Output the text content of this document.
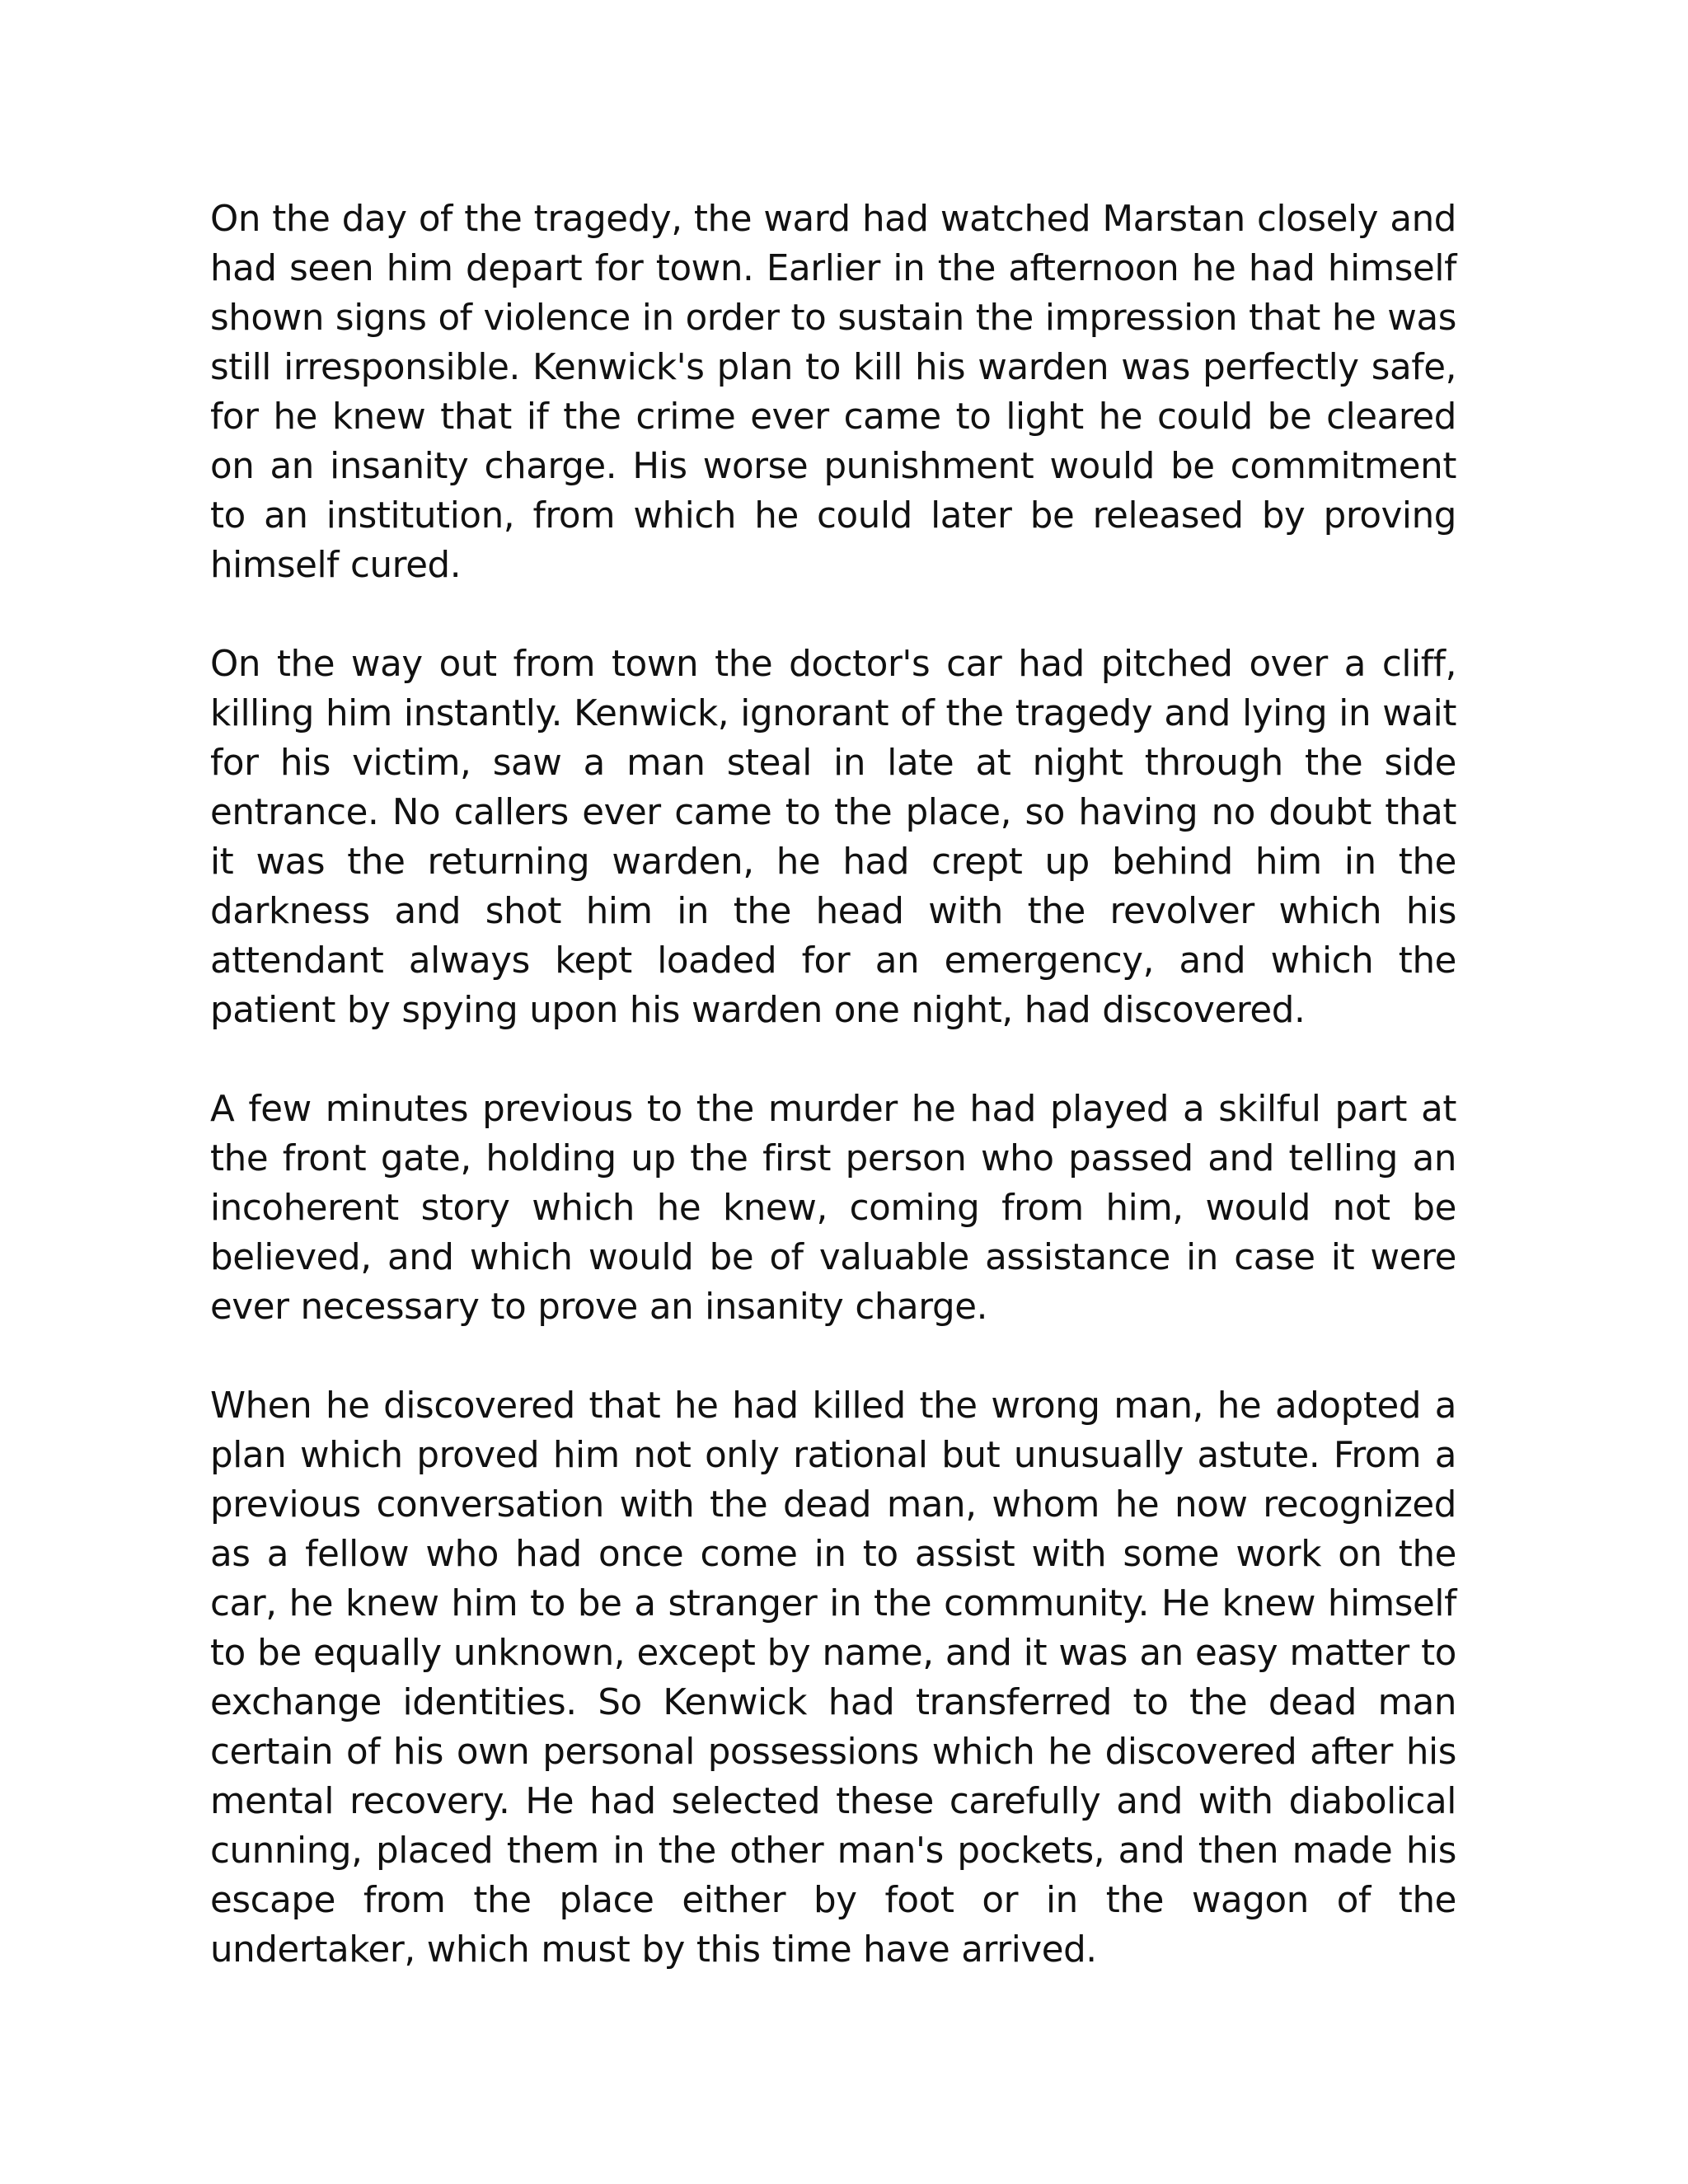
On the day of the tragedy, the ward had watched Marstan closely and had seen him depart for town. Earlier in the afternoon he had himself shown signs of violence in order to sustain the impression that he was still irresponsible. Kenwick's plan to kill his warden was perfectly safe, for he knew that if the crime ever came to light he could be cleared on an insanity charge. His worse punishment would be commitment to an institution, from which he could later be released by proving himself cured.

On the way out from town the doctor's car had pitched over a cliff, killing him instantly. Kenwick, ignorant of the tragedy and lying in wait for his victim, saw a man steal in late at night through the side entrance. No callers ever came to the place, so having no doubt that it was the returning warden, he had crept up behind him in the darkness and shot him in the head with the revolver which his attendant always kept loaded for an emergency, and which the patient by spying upon his warden one night, had discovered.

A few minutes previous to the murder he had played a skilful part at the front gate, holding up the first person who passed and telling an incoherent story which he knew, coming from him, would not be believed, and which would be of valuable assistance in case it were ever necessary to prove an insanity charge.

When he discovered that he had killed the wrong man, he adopted a plan which proved him not only rational but unusually astute. From a previous conversation with the dead man, whom he now recognized as a fellow who had once come in to assist with some work on the car, he knew him to be a stranger in the community. He knew himself to be equally unknown, except by name, and it was an easy matter to exchange identities. So Kenwick had transferred to the dead man certain of his own personal possessions which he discovered after his mental recovery. He had selected these carefully and with diabolical cunning, placed them in the other man's pockets, and then made his escape from the place either by foot or in the wagon of the undertaker, which must by this time have arrived.
